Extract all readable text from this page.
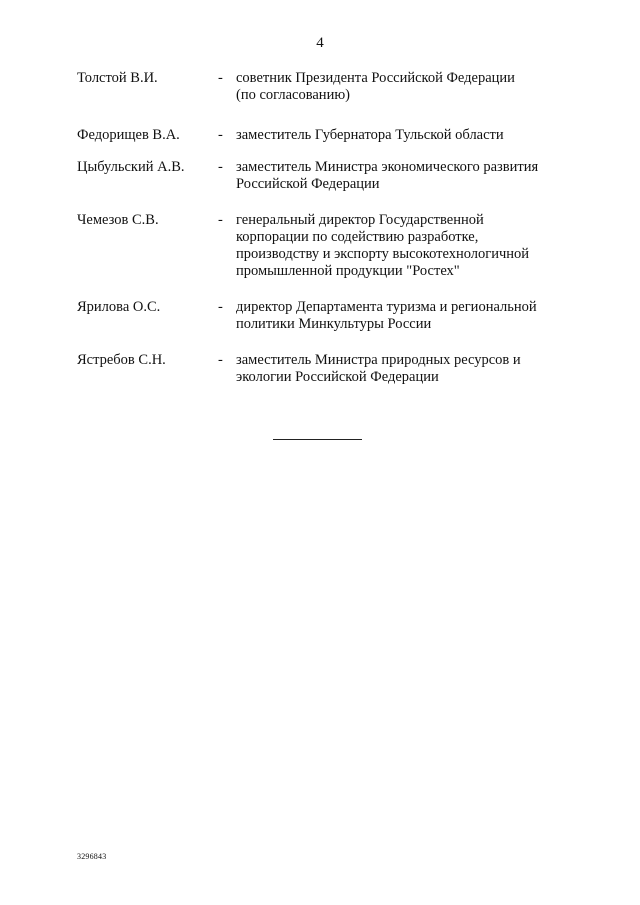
4
Толстой В.И.	- советник Президента Российской Федерации
(по согласованию)
Федорищев В.А.	- заместитель Губернатора Тульской области
Цыбульский А.В. - заместитель Министра экономического развития
Российской Федерации
Чемезов С.В.	- генеральный директор Государственной
корпорации по содействию разработке,
производству и экспорту высокотехнологичной
промышленной продукции "Ростех"
Ярилова О.С.	- директор Департамента туризма и региональной
политики Минкультуры России
Ястребов С.Н.	- заместитель Министра природных ресурсов и
экологии Российской Федерации
3296843
